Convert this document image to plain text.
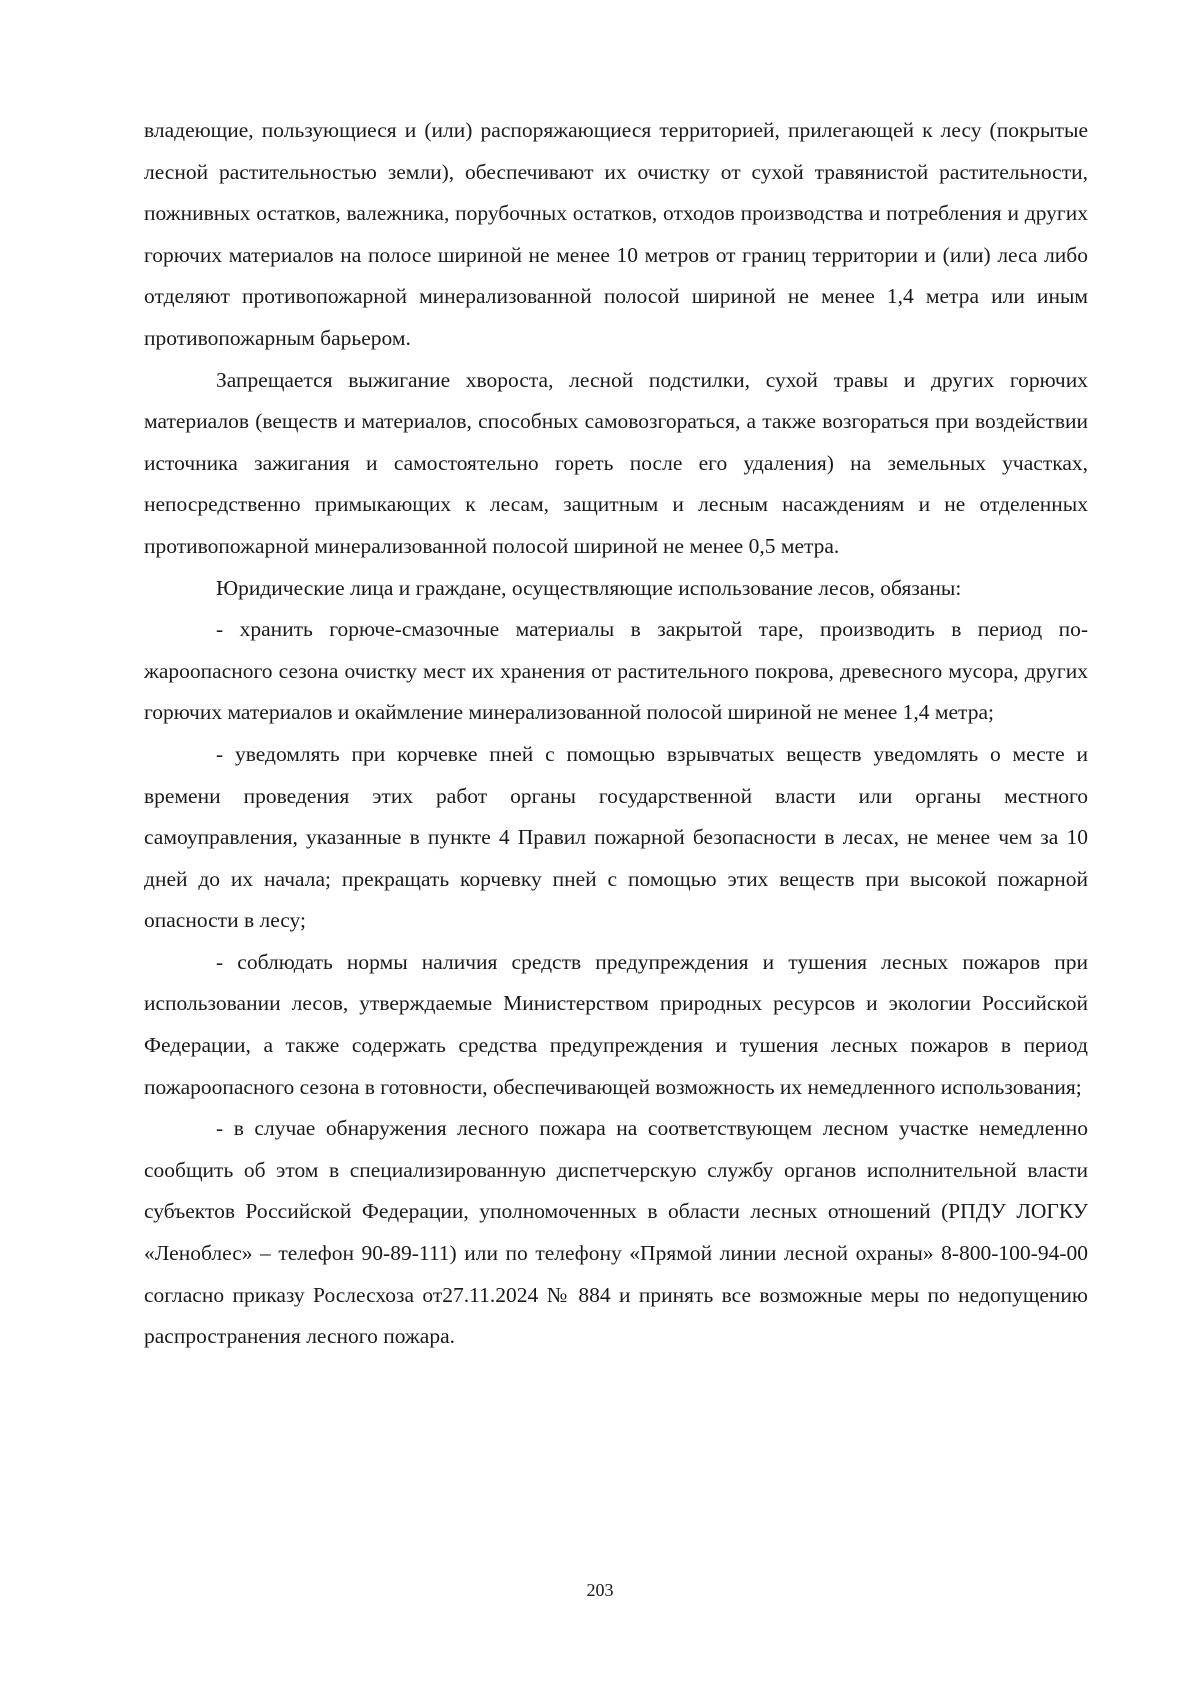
владеющие, пользующиеся и (или) распоряжающиеся территорией, прилегающей к лесу (покрытые лесной растительностью земли), обеспечивают их очистку от сухой травянистой растительности, пожнивных остатков, валежника, порубочных остатков, отходов производства и потребления и других горючих материалов на полосе шириной не менее 10 метров от границ территории и (или) леса либо отделяют противопожарной минерализованной полосой шириной не менее 1,4 метра или иным противопожарным барьером.

Запрещается выжигание хвороста, лесной подстилки, сухой травы и других горючих материалов (веществ и материалов, способных самовозгораться, а также возгораться при воздействии источника зажигания и самостоятельно гореть после его удаления) на земельных участках, непосредственно примыкающих к лесам, защитным и лесным насаждениям и не отделенных противопожарной минерализованной полосой шириной не менее 0,5 метра.

Юридические лица и граждане, осуществляющие использование лесов, обязаны:

- хранить горюче-смазочные материалы в закрытой таре, производить в период пожароопасного сезона очистку мест их хранения от растительного покрова, древесного мусора, других горючих материалов и окаймление минерализованной полосой шириной не менее 1,4 метра;

- уведомлять при корчевке пней с помощью взрывчатых веществ уведомлять о месте и времени проведения этих работ органы государственной власти или органы местного самоуправления, указанные в пункте 4 Правил пожарной безопасности в лесах, не менее чем за 10 дней до их начала; прекращать корчевку пней с помощью этих веществ при высокой пожарной опасности в лесу;

- соблюдать нормы наличия средств предупреждения и тушения лесных пожаров при использовании лесов, утверждаемые Министерством природных ресурсов и экологии Российской Федерации, а также содержать средства предупреждения и тушения лесных пожаров в период пожароопасного сезона в готовности, обеспечивающей возможность их немедленного использования;

- в случае обнаружения лесного пожара на соответствующем лесном участке немедленно сообщить об этом в специализированную диспетчерскую службу органов исполнительной власти субъектов Российской Федерации, уполномоченных в области лесных отношений (РПДУ ЛОГКУ «Леноблес» – телефон 90-89-111) или по телефону «Прямой линии лесной охраны» 8-800-100-94-00 согласно приказу Рослесхоза от27.11.2024 № 884 и принять все возможные меры по недопущению распространения лесного пожара.

203
